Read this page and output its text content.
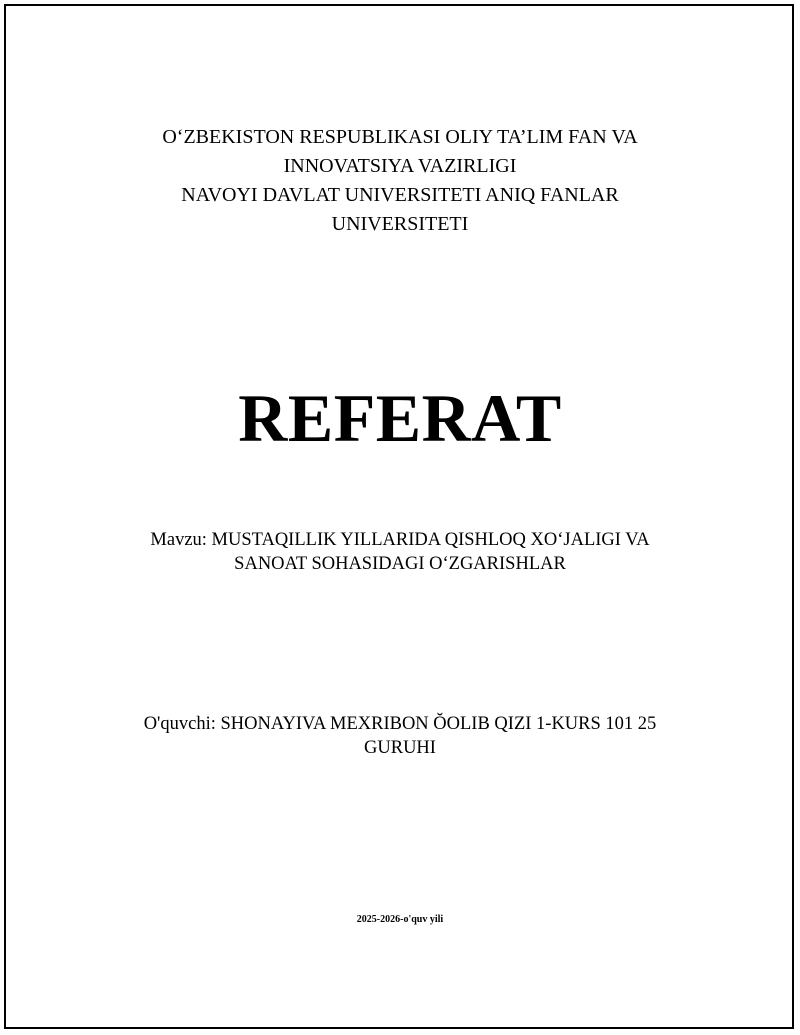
O‘ZBEKISTON RESPUBLIKASI OLIY TA’LIM FAN VA
INNOVATSIYA VAZIRLIGI
NAVOYI DAVLAT UNIVERSITETI ANIQ FANLAR
UNIVERSITETI
REFERAT
Mavzu: MUSTAQILLIK YILLARIDA QISHLOQ XO‘JALIGI VA
SANOAT SOHASIDAGI O‘ZGARISHLAR
O'quvchi: SHONAYIVA MEXRIBON ŎOLIB QIZI 1-KURS 101 25
GURUHI
2025-2026-o'quv yili
